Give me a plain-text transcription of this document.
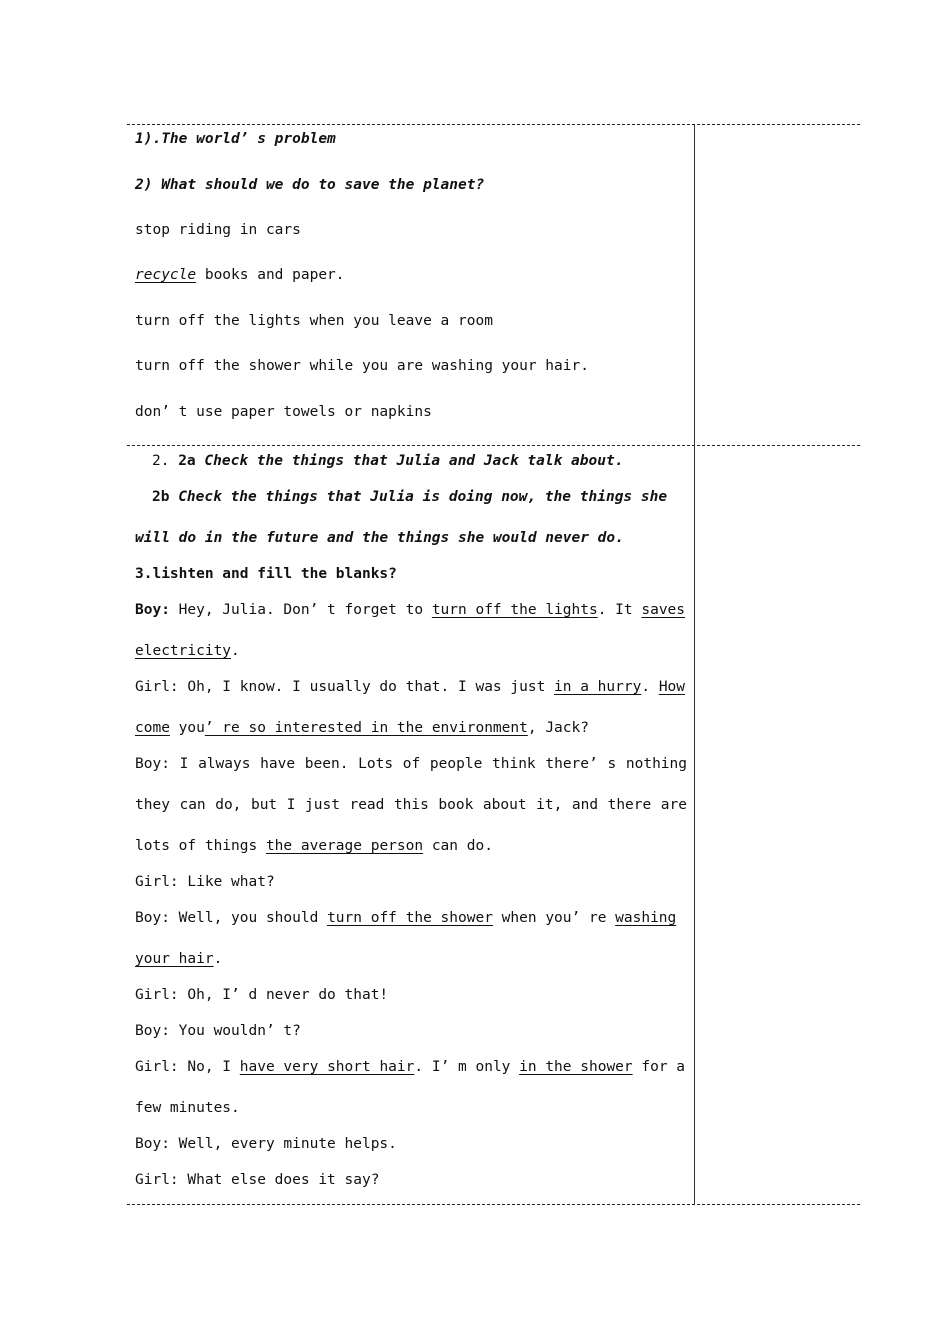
1).The world’ s problem
2) What should we do to save the planet?
stop riding in cars
recycle books and paper.
turn off the lights when you leave a room
turn off the shower while you are washing your hair.
don’ t use paper towels or napkins
2. 2a Check the things that Julia and Jack talk about.
2b Check the things that Julia is doing now, the things she
will do in the future and the things she would never do.
3.lishten and fill the blanks?
Boy: Hey, Julia. Don’ t forget to turn off the lights. It saves
electricity.
Girl: Oh, I know. I usually do that. I was just in a hurry. How
come you’ re so interested in the environment, Jack?
Boy: I always have been. Lots of people think there’ s nothing
they can do, but I just read this book about it, and there are
lots of things the average person can do.
Girl: Like what?
Boy: Well, you should turn off the shower when you’ re washing
your hair.
Girl: Oh, I’ d never do that!
Boy: You wouldn’ t?
Girl: No, I have very short hair. I’ m only in the shower for a
few minutes.
Boy: Well, every minute helps.
Girl: What else does it say?
